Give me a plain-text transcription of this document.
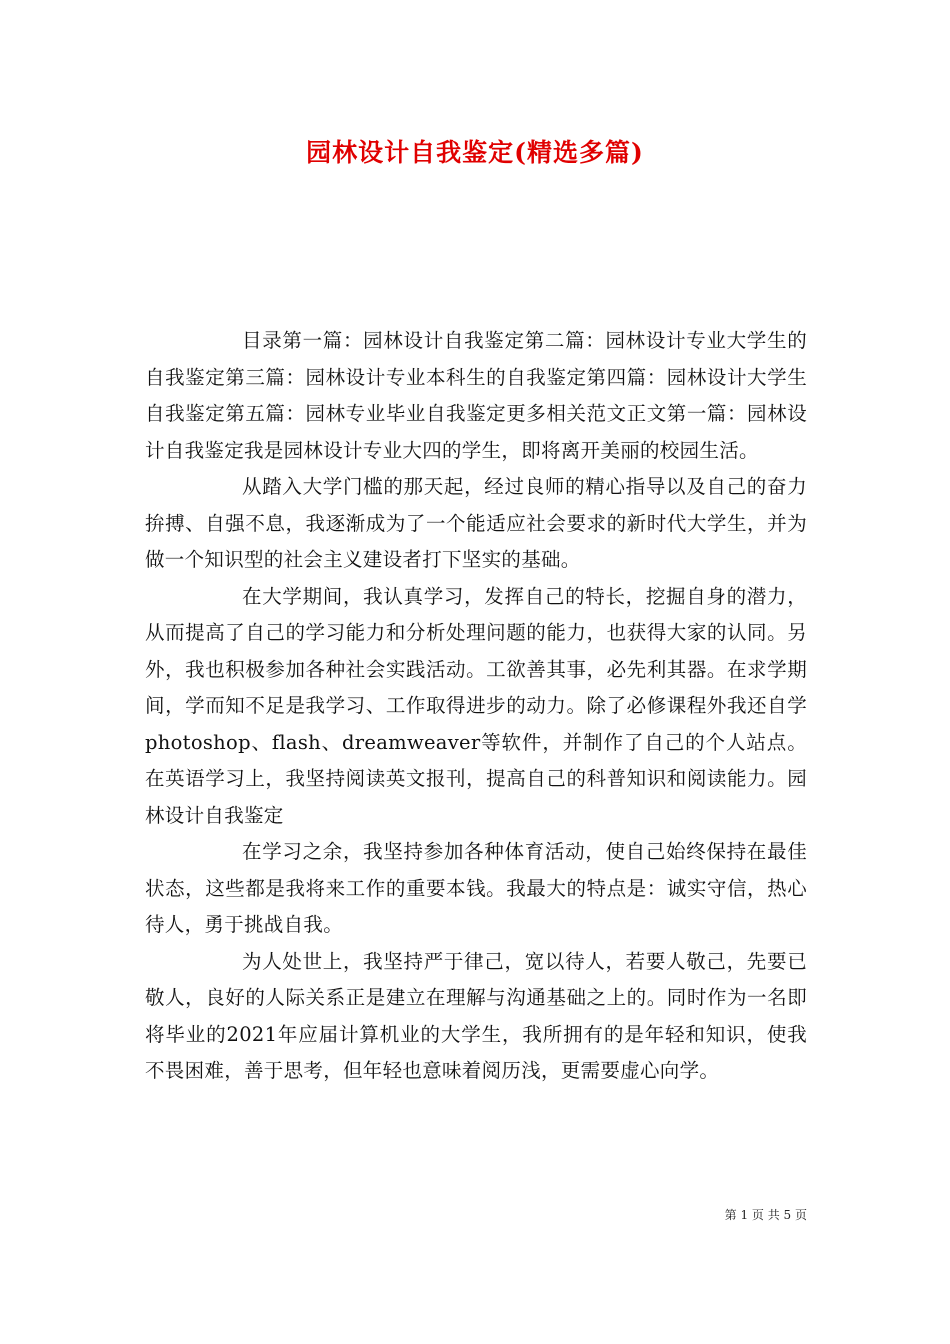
园林设计自我鉴定(精选多篇)

目录第一篇：园林设计自我鉴定第二篇：园林设计专业大学生的自我鉴定第三篇：园林设计专业本科生的自我鉴定第四篇：园林设计大学生自我鉴定第五篇：园林专业毕业自我鉴定更多相关范文正文第一篇：园林设计自我鉴定我是园林设计专业大四的学生，即将离开美丽的校园生活。

从踏入大学门槛的那天起，经过良师的精心指导以及自己的奋力拚搏、自强不息，我逐渐成为了一个能适应社会要求的新时代大学生，并为做一个知识型的社会主义建设者打下坚实的基础。

在大学期间，我认真学习，发挥自己的特长，挖掘自身的潜力，从而提高了自己的学习能力和分析处理问题的能力，也获得大家的认同。另外，我也积极参加各种社会实践活动。工欲善其事，必先利其器。在求学期间，学而知不足是我学习、工作取得进步的动力。除了必修课程外我还自学photoshop、flash、dreamweaver等软件，并制作了自己的个人站点。在英语学习上，我坚持阅读英文报刊，提高自己的科普知识和阅读能力。园林设计自我鉴定

在学习之余，我坚持参加各种体育活动，使自己始终保持在最佳状态，这些都是我将来工作的重要本钱。我最大的特点是：诚实守信，热心待人，勇于挑战自我。

为人处世上，我坚持严于律己，宽以待人，若要人敬己，先要已敬人，良好的人际关系正是建立在理解与沟通基础之上的。同时作为一名即将毕业的2021年应届计算机业的大学生，我所拥有的是年轻和知识，使我不畏困难，善于思考，但年轻也意味着阅历浅，更需要虚心向学。

第 1 页 共 5 页
